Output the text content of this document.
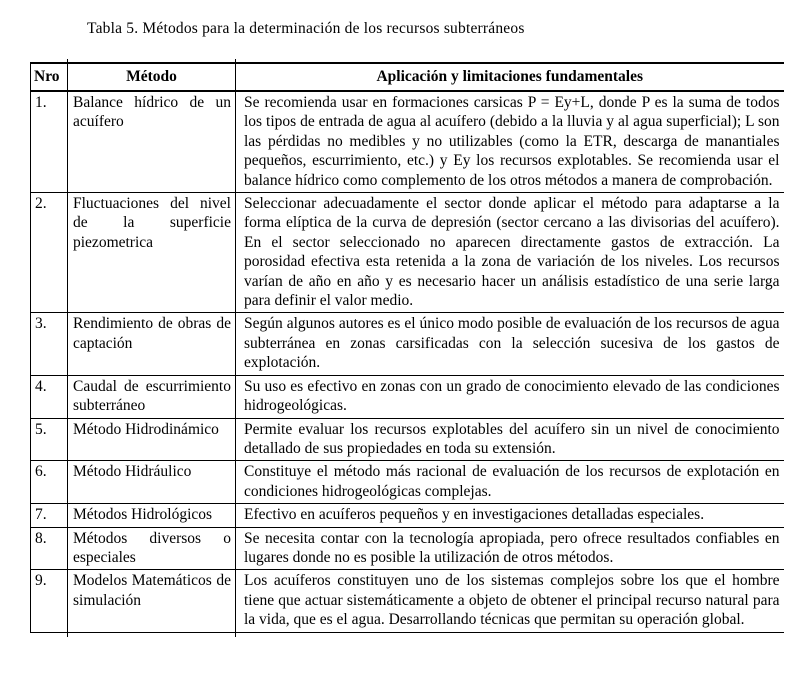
Tabla 5. Métodos para la determinación de los recursos subterráneos

Nro	Método	Aplicación y limitaciones fundamentales
1.	Balance hídrico de un acuífero	Se recomienda usar en formaciones carsicas P = Ey+L, donde P es la suma de todos los tipos de entrada de agua al acuífero (debido a la lluvia y al agua superficial); L son las pérdidas no medibles y no utilizables (como la ETR, descarga de manantiales pequeños, escurrimiento, etc.) y Ey los recursos explotables. Se recomienda usar el balance hídrico como complemento de los otros métodos a manera de comprobación.
2.	Fluctuaciones del nivel de la superficie piezometrica	Seleccionar adecuadamente el sector donde aplicar el método para adaptarse a la forma elíptica de la curva de depresión (sector cercano a las divisorias del acuífero). En el sector seleccionado no aparecen directamente gastos de extracción. La porosidad efectiva esta retenida a la zona de variación de los niveles. Los recursos varían de año en año y es necesario hacer un análisis estadístico de una serie larga para definir el valor medio.
3.	Rendimiento de obras de captación	Según algunos autores es el único modo posible de evaluación de los recursos de agua subterránea en zonas carsificadas con la selección sucesiva de los gastos de explotación.
4.	Caudal de escurrimiento subterráneo	Su uso es efectivo en zonas con un grado de conocimiento elevado de las condiciones hidrogeológicas.
5.	Método Hidrodinámico	Permite evaluar los recursos explotables del acuífero sin un nivel de conocimiento detallado de sus propiedades en toda su extensión.
6.	Método Hidráulico	Constituye el método más racional de evaluación de los recursos de explotación en condiciones hidrogeológicas complejas.
7.	Métodos Hidrológicos	Efectivo en acuíferos pequeños y en investigaciones detalladas especiales.
8.	Métodos diversos o especiales	Se necesita contar con la tecnología apropiada, pero ofrece resultados confiables en lugares donde no es posible la utilización de otros métodos.
9.	Modelos Matemáticos de simulación	Los acuíferos constituyen uno de los sistemas complejos sobre los que el hombre tiene que actuar sistemáticamente a objeto de obtener el principal recurso natural para la vida, que es el agua. Desarrollando técnicas que permitan su operación global.
